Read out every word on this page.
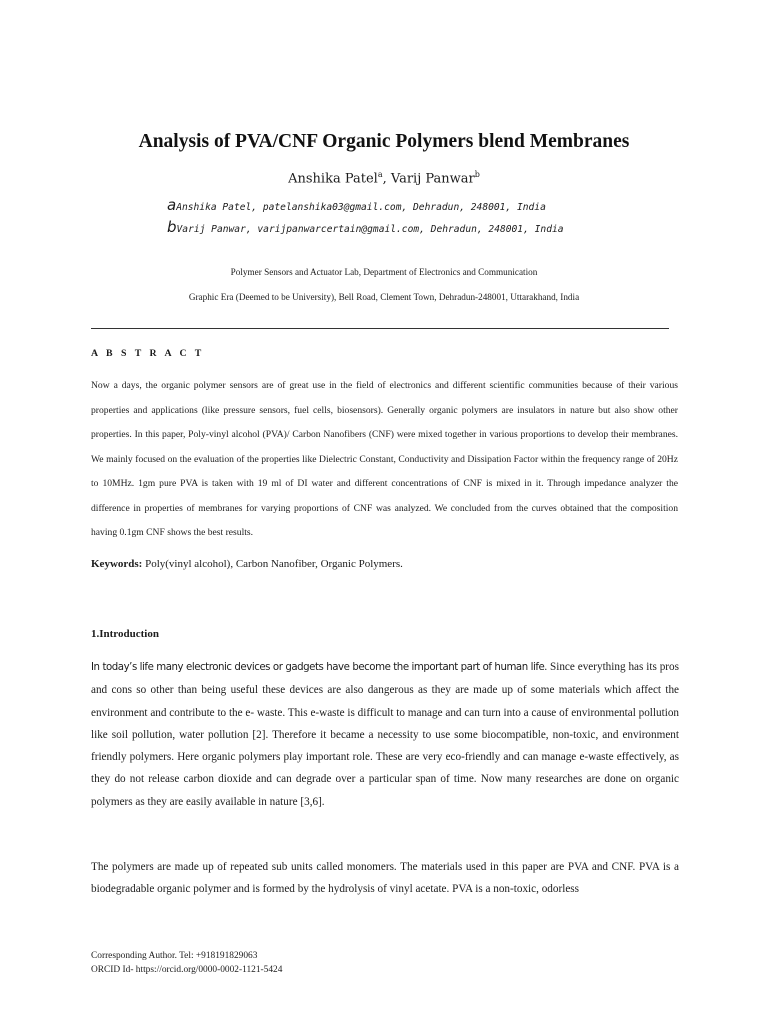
Analysis of PVA/CNF Organic Polymers blend Membranes
Anshika Patel$^a$, Varij Panwar$^b$
aAnshika Patel, patelanshika03@gmail.com, Dehradun, 248001, India
bVarij Panwar, varijpanwarcertain@gmail.com, Dehradun, 248001, India
Polymer Sensors and Actuator Lab, Department of Electronics and Communication
Graphic Era (Deemed to be University), Bell Road, Clement Town, Dehradun-248001, Uttarakhand, India
A B S T R A C T
Now a days, the organic polymer sensors are of great use in the field of electronics and different scientific communities because of their various properties and applications (like pressure sensors, fuel cells, biosensors). Generally organic polymers are insulators in nature but also show other properties. In this paper, Poly-vinyl alcohol (PVA)/ Carbon Nanofibers (CNF) were mixed together in various proportions to develop their membranes. We mainly focused on the evaluation of the properties like Dielectric Constant, Conductivity and Dissipation Factor within the frequency range of 20Hz to 10MHz. 1gm pure PVA is taken with 19 ml of DI water and different concentrations of CNF is mixed in it. Through impedance analyzer the difference in properties of membranes for varying proportions of CNF was analyzed. We concluded from the curves obtained that the composition having 0.1gm CNF shows the best results.
Keywords: Poly(vinyl alcohol), Carbon Nanofiber, Organic Polymers.
1.Introduction
In today’s life many electronic devices or gadgets have become the important part of human life. Since everything has its pros and cons so other than being useful these devices are also dangerous as they are made up of some materials which affect the environment and contribute to the e- waste. This e-waste is difficult to manage and can turn into a cause of environmental pollution like soil pollution, water pollution [2]. Therefore it became a necessity to use some biocompatible, non-toxic, and environment friendly polymers. Here organic polymers play important role. These are very eco-friendly and can manage e-waste effectively, as they do not release carbon dioxide and can degrade over a particular span of time. Now many researches are done on organic polymers as they are easily available in nature [3,6].
The polymers are made up of repeated sub units called monomers. The materials used in this paper are PVA and CNF. PVA is a biodegradable organic polymer and is formed by the hydrolysis of vinyl acetate. PVA is a non-toxic, odorless
Corresponding Author. Tel: +918191829063
ORCID Id- https://orcid.org/0000-0002-1121-5424
